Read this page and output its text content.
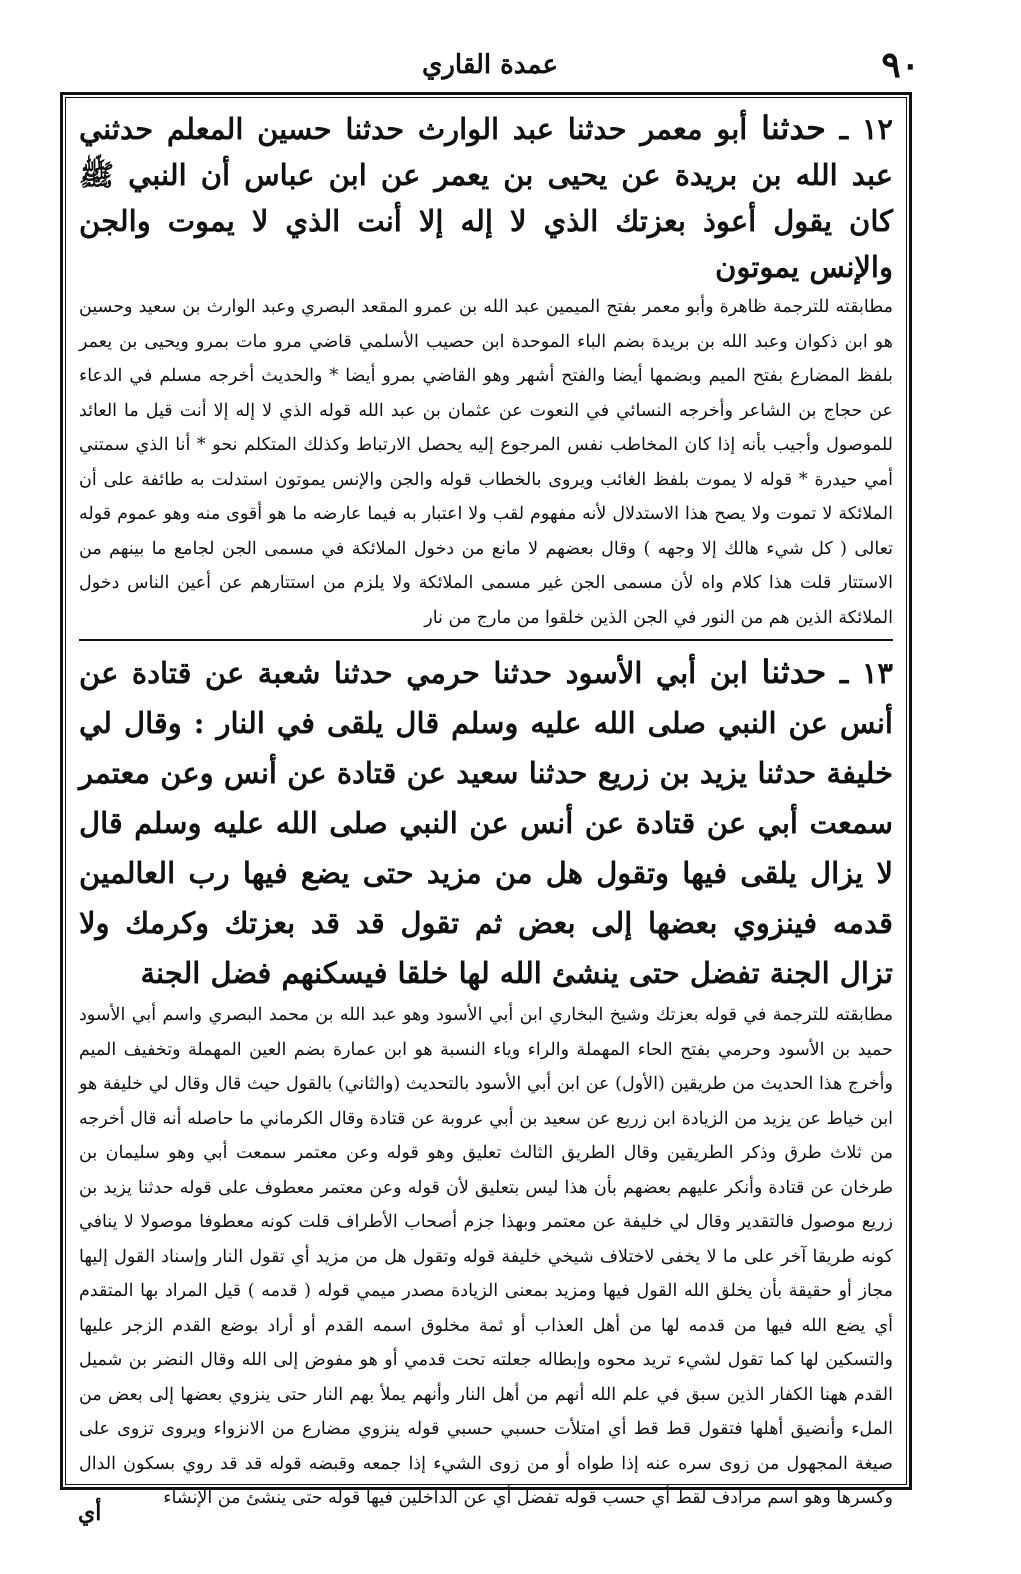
٩٠
عمدة القاري

١٢ ـ حدثنا أبو معمر حدثنا عبد الوارث حدثنا حسين المعلم حدثني عبد الله بن بريدة عن يحيى بن يعمر عن ابن عباس أن النبي ﷺ كان يقول أعوذ بعزتك الذي لا إله إلا أنت الذي لا يموت والجن والإنس يموتون

مطابقته للترجمة ظاهرة وأبو معمر بفتح الميمين عبد الله بن عمرو المقعد البصري وعبد الوارث بن سعيد وحسين هو ابن ذكوان وعبد الله بن بريدة بضم الباء الموحدة ابن حصيب الأسلمي قاضي مرو مات بمرو ويحيى بن يعمر بلفظ المضارع بفتح الميم وبضمها أيضا والفتح أشهر وهو القاضي بمرو أيضا * والحديث أخرجه مسلم في الدعاء عن حجاج بن الشاعر وأخرجه النسائي في النعوت عن عثمان بن عبد الله قوله الذي لا إله إلا أنت قيل ما العائد للموصول وأجيب بأنه إذا كان المخاطب نفس المرجوع إليه يحصل الارتباط وكذلك المتكلم نحو * أنا الذي سمتني أمي حيدرة * قوله لا يموت بلفظ الغائب ويروى بالخطاب قوله والجن والإنس يموتون استدلت به طائفة على أن الملائكة لا تموت ولا يصح هذا الاستدلال لأنه مفهوم لقب ولا اعتبار به فيما عارضه ما هو أقوى منه وهو عموم قوله تعالى ( كل شيء هالك إلا وجهه ) وقال بعضهم لا مانع من دخول الملائكة في مسمى الجن لجامع ما بينهم من الاستتار قلت هذا كلام واه لأن مسمى الجن غير مسمى الملائكة ولا يلزم من استتارهم عن أعين الناس دخول الملائكة الذين هم من النور في الجن الذين خلقوا من مارج من نار

١٣ ـ حدثنا ابن أبي الأسود حدثنا حرمي حدثنا شعبة عن قتادة عن أنس عن النبي صلى الله عليه وسلم قال يلقى في النار : وقال لي خليفة حدثنا يزيد بن زريع حدثنا سعيد عن قتادة عن أنس وعن معتمر سمعت أبي عن قتادة عن أنس عن النبي صلى الله عليه وسلم قال لا يزال يلقى فيها وتقول هل من مزيد حتى يضع فيها رب العالمين قدمه فينزوي بعضها إلى بعض ثم تقول قد قد بعزتك وكرمك ولا تزال الجنة تفضل حتى ينشئ الله لها خلقا فيسكنهم فضل الجنة

مطابقته للترجمة في قوله بعزتك وشيخ البخاري ابن أبي الأسود وهو عبد الله بن محمد البصري واسم أبي الأسود حميد بن الأسود وحرمي بفتح الحاء المهملة والراء وياء النسبة هو ابن عمارة بضم العين المهملة وتخفيف الميم وأخرج هذا الحديث من طريقين (الأول) عن ابن أبي الأسود بالتحديث (والثاني) بالقول حيث قال وقال لي خليفة هو ابن خياط عن يزيد من الزيادة ابن زريع عن سعيد بن أبي عروبة عن قتادة وقال الكرماني ما حاصله أنه قال أخرجه من ثلاث طرق وذكر الطريقين وقال الطريق الثالث تعليق وهو قوله وعن معتمر سمعت أبي وهو سليمان بن طرخان عن قتادة وأنكر عليهم بعضهم بأن هذا ليس بتعليق لأن قوله وعن معتمر معطوف على قوله حدثنا يزيد بن زريع موصول فالتقدير وقال لي خليفة عن معتمر وبهذا جزم أصحاب الأطراف قلت كونه معطوفا موصولا لا ينافي كونه طريقا آخر على ما لا يخفى لاختلاف شيخي خليفة قوله وتقول هل من مزيد أي تقول النار وإسناد القول إليها مجاز أو حقيقة بأن يخلق الله القول فيها ومزيد بمعنى الزيادة مصدر ميمي قوله ( قدمه ) قيل المراد بها المتقدم أي يضع الله فيها من قدمه لها من أهل العذاب أو ثمة مخلوق اسمه القدم أو أراد بوضع القدم الزجر عليها والتسكين لها كما تقول لشيء تريد محوه وإبطاله جعلته تحت قدمي أو هو مفوض إلى الله وقال النضر بن شميل القدم ههنا الكفار الذين سبق في علم الله أنهم من أهل النار وأنهم يملأ بهم النار حتى ينزوي بعضها إلى بعض من الملء وأنضيق أهلها فتقول قط قط أي امتلأت حسبي حسبي قوله ينزوي مضارع من الانزواء ويروى تزوى على صيغة المجهول من زوى سره عنه إذا طواه أو من زوى الشيء إذا جمعه وقبضه قوله قد قد روي بسكون الدال وكسرها وهو اسم مرادف لقط أي حسب قوله تفضل أي عن الداخلين فيها قوله حتى ينشئ من الإنشاء

أي
